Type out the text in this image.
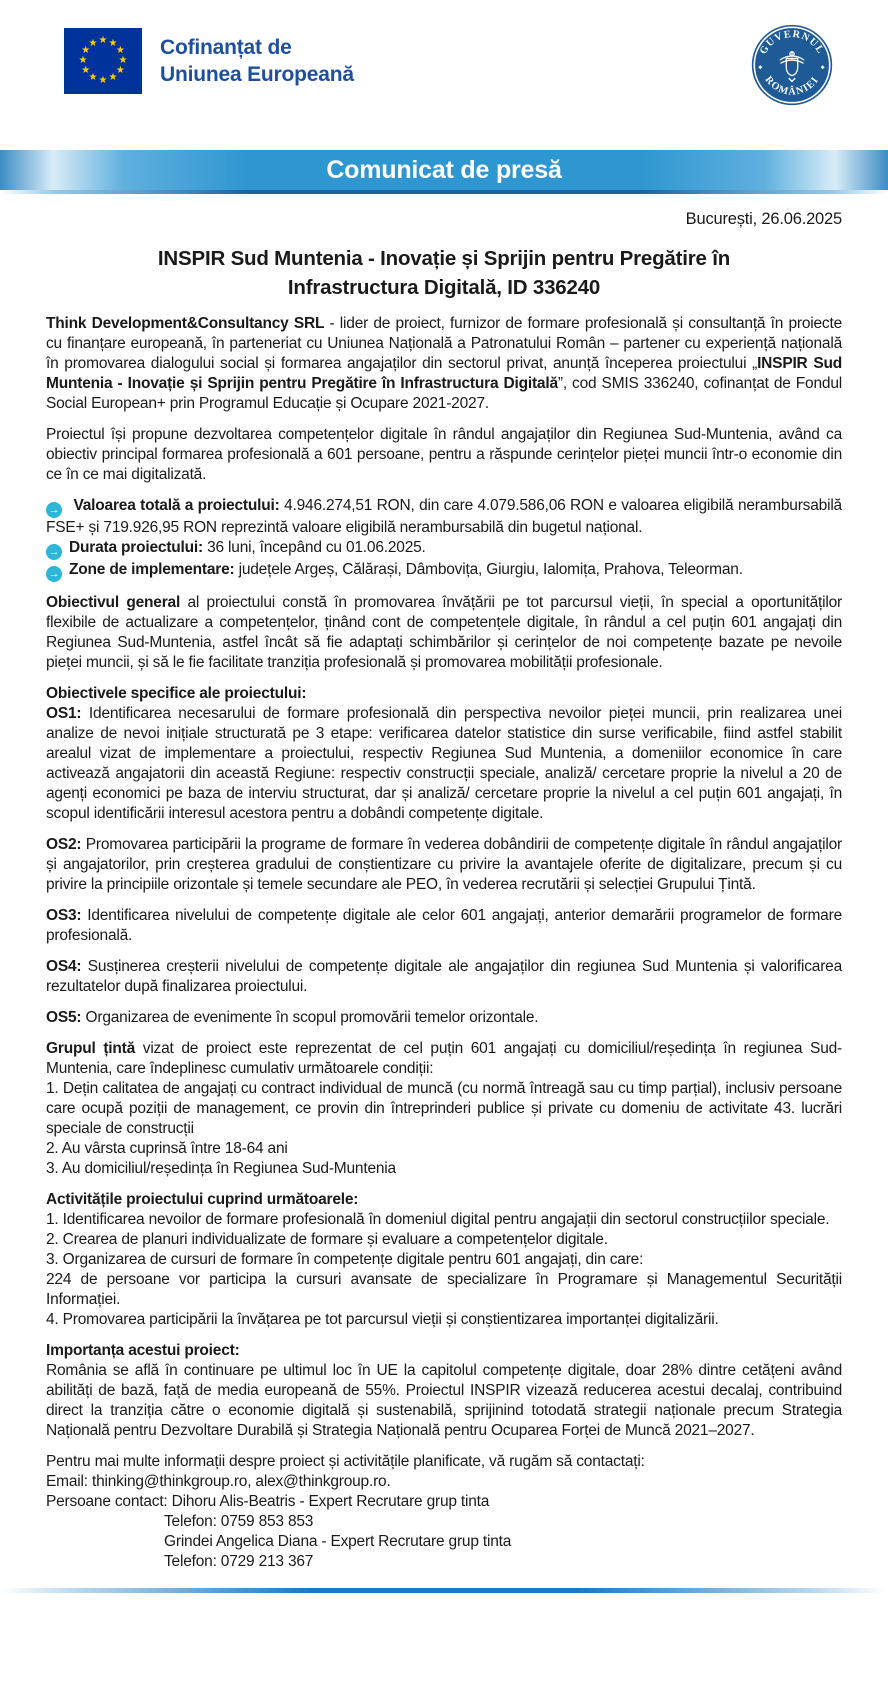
★ ★
★
★
★
★
★
★
★
★
★
★	Cofinanțat de
Uniunea Europeană
GUVERNUL
ROMÂNIEI
◆	◆
Comunicat de presă
București, 26.06.2025
INSPIR Sud Muntenia - Inovație și Sprijin pentru Pregătire în
Infrastructura Digitală, ID 336240
Think Development&Consultancy SRL - lider de proiect, furnizor de formare profesională și consultanță în proiecte cu finanțare europeană, în parteneriat cu Uniunea Națională a Patronatului Român – partener cu experiență națională în promovarea dialogului social și formarea angajaților din sectorul privat, anunță începerea proiectului „INSPIR Sud Muntenia - Inovație și Sprijin pentru Pregătire în Infrastructura Digitală”, cod SMIS 336240, cofinanțat de Fondul Social European+ prin Programul Educație și Ocupare 2021-2027.
Proiectul își propune dezvoltarea competențelor digitale în rândul angajaților din Regiunea Sud-Muntenia, având ca obiectiv principal formarea profesională a 601 persoane, pentru a răspunde cerințelor pieței muncii într-o economie din ce în ce mai digitalizată.
→ Valoarea totală a proiectului: 4.946.274,51 RON, din care 4.079.586,06 RON e valoarea eligibilă nerambursabilă FSE+ și 719.926,95 RON reprezintă valoare eligibilă nerambursabilă din bugetul național.
→ Durata proiectului: 36 luni, începând cu 01.06.2025.
→ Zone de implementare: județele Argeș, Călărași, Dâmbovița, Giurgiu, Ialomița, Prahova, Teleorman.
Obiectivul general al proiectului constă în promovarea învățării pe tot parcursul vieții, în special a oportunităților flexibile de actualizare a competențelor, ținând cont de competențele digitale, în rândul a cel puțin 601 angajați din Regiunea Sud-Muntenia, astfel încât să fie adaptați schimbărilor și cerințelor de noi competențe bazate pe nevoile pieței muncii, și să le fie facilitate tranziția profesională și promovarea mobilității profesionale.
Obiectivele specifice ale proiectului:
OS1: Identificarea necesarului de formare profesională din perspectiva nevoilor pieței muncii, prin realizarea unei analize de nevoi inițiale structurată pe 3 etape: verificarea datelor statistice din surse verificabile, fiind astfel stabilit arealul vizat de implementare a proiectului, respectiv Regiunea Sud Muntenia, a domeniilor economice în care activează angajatorii din această Regiune: respectiv construcții speciale, analiză/ cercetare proprie la nivelul a 20 de agenți economici pe baza de interviu structurat, dar și analiză/ cercetare proprie la nivelul a cel puțin 601 angajați, în scopul identificării interesul acestora pentru a dobândi competențe digitale.
OS2: Promovarea participării la programe de formare în vederea dobândirii de competențe digitale în rândul angajaților și angajatorilor, prin creșterea gradului de conștientizare cu privire la avantajele oferite de digitalizare, precum și cu privire la principiile orizontale și temele secundare ale PEO, în vederea recrutării și selecției Grupului Țintă.
OS3: Identificarea nivelului de competențe digitale ale celor 601 angajați, anterior demarării programelor de formare profesională.
OS4: Susținerea creșterii nivelului de competențe digitale ale angajaților din regiunea Sud Muntenia și valorificarea rezultatelor după finalizarea proiectului.
OS5: Organizarea de evenimente în scopul promovării temelor orizontale.
Grupul țintă vizat de proiect este reprezentat de cel puțin 601 angajați cu domiciliul/reședința în regiunea Sud-Muntenia, care îndeplinesc cumulativ următoarele condiții:
1. Dețin calitatea de angajați cu contract individual de muncă (cu normă întreagă sau cu timp parțial), inclusiv persoane care ocupă poziții de management, ce provin din întreprinderi publice și private cu domeniu de activitate 43. lucrări speciale de construcții
2. Au vârsta cuprinsă între 18-64 ani
3. Au domiciliul/reședința în Regiunea Sud-Muntenia
Activitățile proiectului cuprind următoarele:
1. Identificarea nevoilor de formare profesională în domeniul digital pentru angajații din sectorul construcțiilor speciale.
2. Crearea de planuri individualizate de formare și evaluare a competențelor digitale.
3. Organizarea de cursuri de formare în competențe digitale pentru 601 angajați, din care:
224 de persoane vor participa la cursuri avansate de specializare în Programare și Managementul Securității Informației.
4. Promovarea participării la învățarea pe tot parcursul vieții și conștientizarea importanței digitalizării.
Importanța acestui proiect:
România se află în continuare pe ultimul loc în UE la capitolul competențe digitale, doar 28% dintre cetățeni având abilități de bază, față de media europeană de 55%. Proiectul INSPIR vizează reducerea acestui decalaj, contribuind direct la tranziția către o economie digitală și sustenabilă, sprijinind totodată strategii naționale precum Strategia Națională pentru Dezvoltare Durabilă și Strategia Națională pentru Ocuparea Forței de Muncă 2021–2027.
Pentru mai multe informații despre proiect și activitățile planificate, vă rugăm să contactați:
Email: thinking@thinkgroup.ro, alex@thinkgroup.ro.
Persoane contact: Dihoru Alis-Beatris - Expert Recrutare grup tinta
Telefon: 0759 853 853
Grindei Angelica Diana - Expert Recrutare grup tinta
Telefon: 0729 213 367
